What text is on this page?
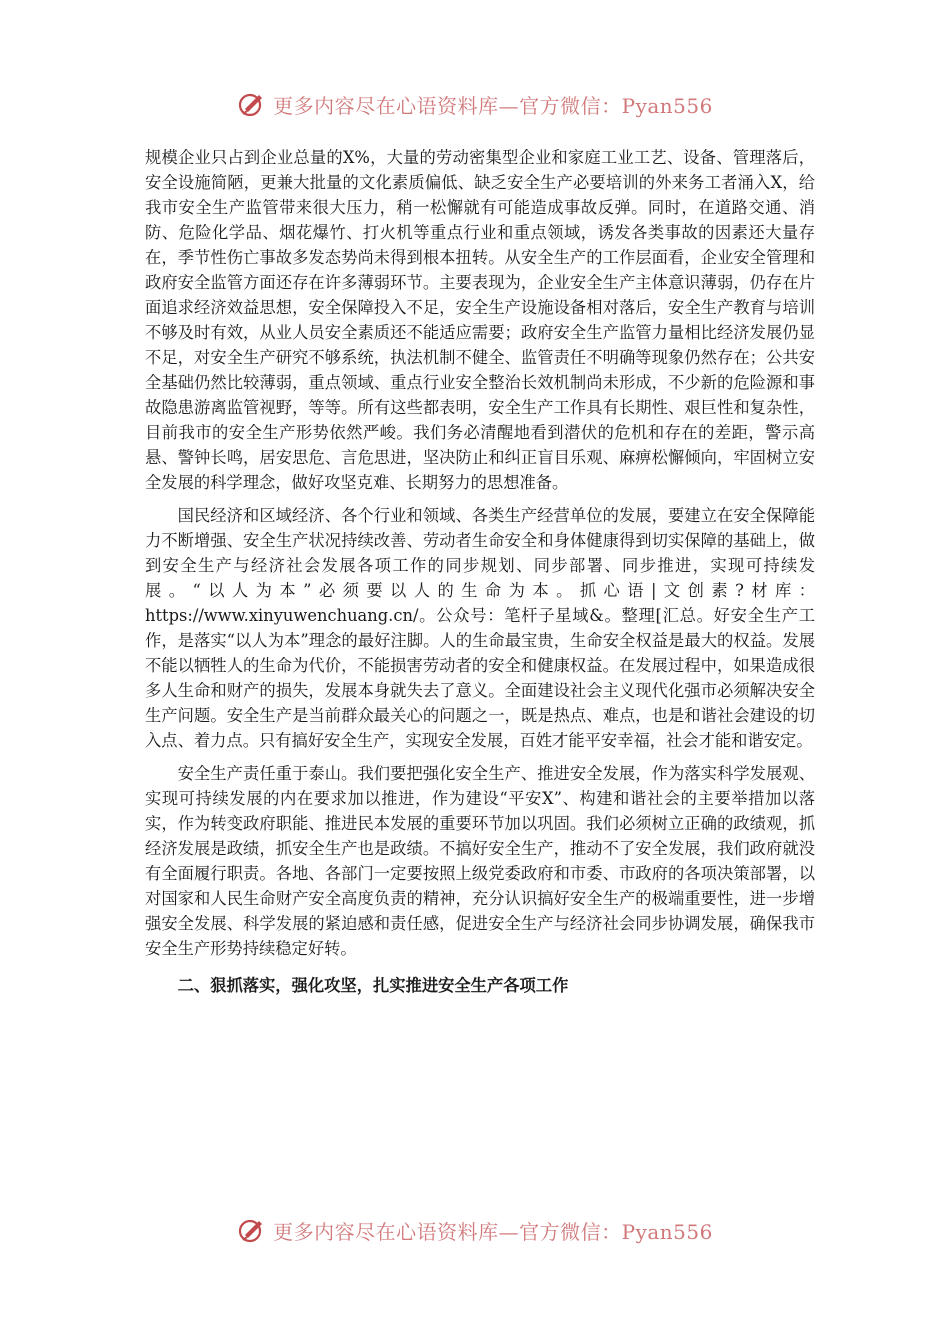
更多内容尽在心语资料库—官方微信：Pyan556

规模企业只占到企业总量的X%，大量的劳动密集型企业和家庭工业工艺、设备、管理落后，安全设施简陋，更兼大批量的文化素质偏低、缺乏安全生产必要培训的外来务工者涌入X，给我市安全生产监管带来很大压力，稍一松懈就有可能造成事故反弹。同时，在道路交通、消防、危险化学品、烟花爆竹、打火机等重点行业和重点领域，诱发各类事故的因素还大量存在，季节性伤亡事故多发态势尚未得到根本扭转。从安全生产的工作层面看，企业安全管理和政府安全监管方面还存在许多薄弱环节。主要表现为，企业安全生产主体意识薄弱，仍存在片面追求经济效益思想，安全保障投入不足，安全生产设施设备相对落后，安全生产教育与培训不够及时有效，从业人员安全素质还不能适应需要；政府安全生产监管力量相比经济发展仍显不足，对安全生产研究不够系统，执法机制不健全、监管责任不明确等现象仍然存在；公共安全基础仍然比较薄弱，重点领域、重点行业安全整治长效机制尚未形成，不少新的危险源和事故隐患游离监管视野，等等。所有这些都表明，安全生产工作具有长期性、艰巨性和复杂性，目前我市的安全生产形势依然严峻。我们务必清醒地看到潜伏的危机和存在的差距，警示高悬、警钟长鸣，居安思危、言危思进，坚决防止和纠正盲目乐观、麻痹松懈倾向，牢固树立安全发展的科学理念，做好攻坚克难、长期努力的思想准备。

国民经济和区域经济、各个行业和领域、各类生产经营单位的发展，要建立在安全保障能力不断增强、安全生产状况持续改善、劳动者生命安全和身体健康得到切实保障的基础上，做到安全生产与经济社会发展各项工作的同步规划、同步部署、同步推进，实现可持续发展。“以人为本”必须要以人的生命为本。抓心语|文创素?材库：https://www.xinyuwenchuang.cn/。公众号：笔杆子星域&。整理[汇总。好安全生产工作，是落实“以人为本”理念的最好注脚。人的生命最宝贵，生命安全权益是最大的权益。发展不能以牺牲人的生命为代价，不能损害劳动者的安全和健康权益。在发展过程中，如果造成很多人生命和财产的损失，发展本身就失去了意义。全面建设社会主义现代化强市必须解决安全生产问题。安全生产是当前群众最关心的问题之一，既是热点、难点，也是和谐社会建设的切入点、着力点。只有搞好安全生产，实现安全发展，百姓才能平安幸福，社会才能和谐安定。

安全生产责任重于泰山。我们要把强化安全生产、推进安全发展，作为落实科学发展观、实现可持续发展的内在要求加以推进，作为建设“平安X”、构建和谐社会的主要举措加以落实，作为转变政府职能、推进民本发展的重要环节加以巩固。我们必须树立正确的政绩观，抓经济发展是政绩，抓安全生产也是政绩。不搞好安全生产，推动不了安全发展，我们政府就没有全面履行职责。各地、各部门一定要按照上级党委政府和市委、市政府的各项决策部署，以对国家和人民生命财产安全高度负责的精神，充分认识搞好安全生产的极端重要性，进一步增强安全发展、科学发展的紧迫感和责任感，促进安全生产与经济社会同步协调发展，确保我市安全生产形势持续稳定好转。

二、狠抓落实，强化攻坚，扎实推进安全生产各项工作

更多内容尽在心语资料库—官方微信：Pyan556
